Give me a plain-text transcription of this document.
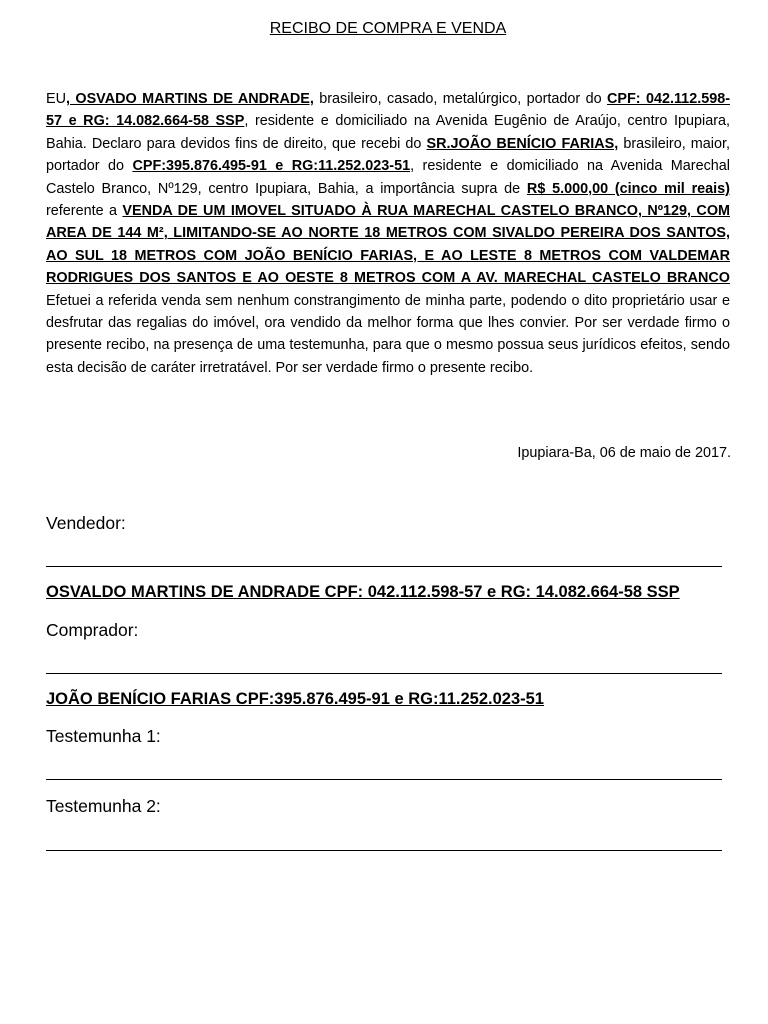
RECIBO DE COMPRA E VENDA

EU, OSVADO MARTINS DE ANDRADE, brasileiro, casado, metalúrgico, portador do CPF: 042.112.598-57 e RG: 14.082.664-58 SSP, residente e domiciliado na Avenida Eugênio de Araújo, centro Ipupiara, Bahia. Declaro para devidos fins de direito, que recebi do SR.JOÃO BENÍCIO FARIAS, brasileiro, maior, portador do CPF:395.876.495-91 e RG:11.252.023-51, residente e domiciliado na Avenida Marechal Castelo Branco, Nº129, centro Ipupiara, Bahia, a importância supra de R$ 5.000,00 (cinco mil reais) referente a VENDA DE UM IMOVEL SITUADO À RUA MARECHAL CASTELO BRANCO, Nº129, COM AREA DE 144 M², LIMITANDO-SE AO NORTE 18 METROS COM SIVALDO PEREIRA DOS SANTOS, AO SUL 18 METROS COM JOÃO BENÍCIO FARIAS, E AO LESTE 8 METROS COM VALDEMAR RODRIGUES DOS SANTOS E AO OESTE 8 METROS COM A AV. MARECHAL CASTELO BRANCO Efetuei a referida venda sem nenhum constrangimento de minha parte, podendo o dito proprietário usar e desfrutar das regalias do imóvel, ora vendido da melhor forma que lhes convier. Por ser verdade firmo o presente recibo, na presença de uma testemunha, para que o mesmo possua seus jurídicos efeitos, sendo esta decisão de caráter irretratável. Por ser verdade firmo o presente recibo.

Ipupiara-Ba, 06 de maio de 2017.
Vendedor:
OSVALDO MARTINS DE ANDRADE CPF: 042.112.598-57 e RG: 14.082.664-58 SSP
Comprador:
JOÃO BENÍCIO FARIAS CPF:395.876.495-91 e RG:11.252.023-51
Testemunha 1:
Testemunha 2:
